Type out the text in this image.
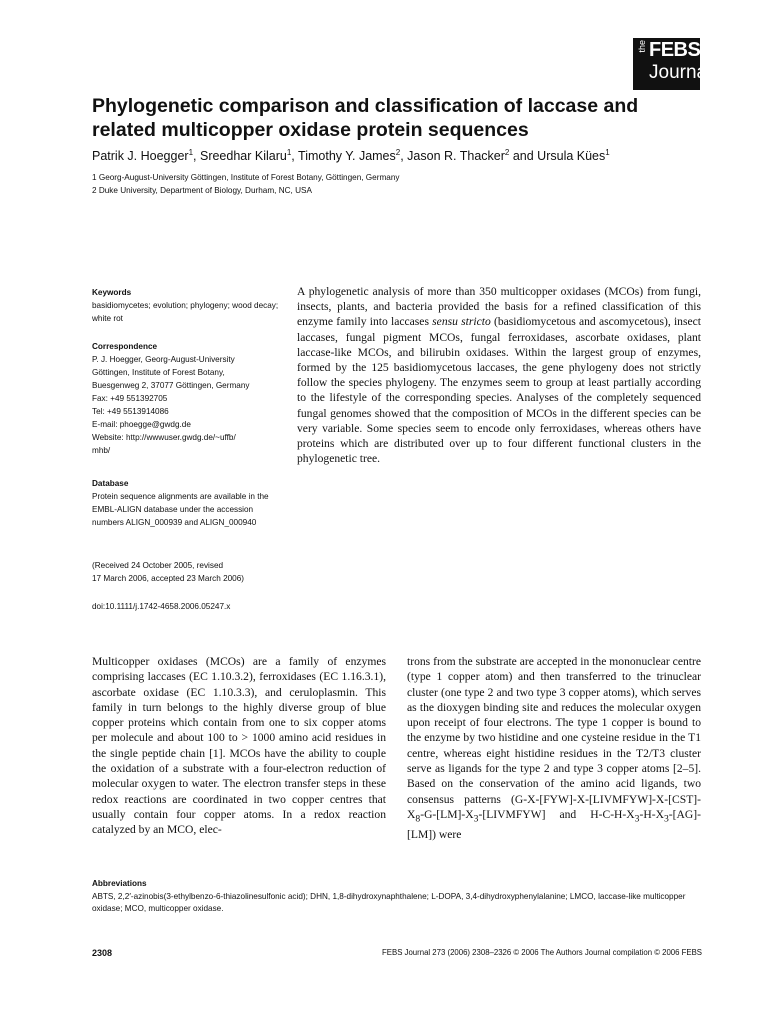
the FEBS
Journal
Phylogenetic comparison and classification of laccase and related multicopper oxidase protein sequences

Patrik J. Hoegger$^1$, Sreedhar Kilaru$^1$, Timothy Y. James$^2$, Jason R. Thacker$^2$ and Ursula Kües$^1$

1 Georg-August-University Göttingen, Institute of Forest Botany, Göttingen, Germany

2 Duke University, Department of Biology, Durham, NC, USA

Keywords

basidiomycetes; evolution; phylogeny; wood decay; white rot

Correspondence

P. J. Hoegger, Georg-August-University

Göttingen, Institute of Forest Botany,

Buesgenweg 2, 37077 Göttingen, Germany

Fax: +49 551392705

Tel: +49 5513914086

E-mail: phoegge@gwdg.de

Website: http://wwwuser.gwdg.de/~uffb/

mhb/

Database

Protein sequence alignments are available in the EMBL-ALIGN database under the accession numbers ALIGN_000939 and ALIGN_000940

(Received 24 October 2005, revised

17 March 2006, accepted 23 March 2006)

doi:10.1111/j.1742-4658.2006.05247.x

A phylogenetic analysis of more than 350 multicopper oxidases (MCOs) from fungi, insects, plants, and bacteria provided the basis for a refined classification of this enzyme family into laccases sensu stricto (basidiomycetous and ascomycetous), insect laccases, fungal pigment MCOs, fungal ferroxidases, ascorbate oxidases, plant laccase-like MCOs, and bilirubin oxidases. Within the largest group of enzymes, formed by the 125 basidiomycetous laccases, the gene phylogeny does not strictly follow the species phylogeny. The enzymes seem to group at least partially according to the lifestyle of the corresponding species. Analyses of the completely sequenced fungal genomes showed that the composition of MCOs in the different species can be very variable. Some species seem to encode only ferroxidases, whereas others have proteins which are distributed over up to four different functional clusters in the phylogenetic tree.

Multicopper oxidases (MCOs) are a family of enzymes comprising laccases (EC 1.10.3.2), ferroxidases (EC 1.16.3.1), ascorbate oxidase (EC 1.10.3.3), and ceruloplasmin. This family in turn belongs to the highly diverse group of blue copper proteins which contain from one to six copper atoms per molecule and about 100 to > 1000 amino acid residues in the single peptide chain [1]. MCOs have the ability to couple the oxidation of a substrate with a four-electron reduction of molecular oxygen to water. The electron transfer steps in these redox reactions are coordinated in two copper centres that usually contain four copper atoms. In a redox reaction catalyzed by an MCO, elec-

trons from the substrate are accepted in the mononuclear centre (type 1 copper atom) and then transferred to the trinuclear cluster (one type 2 and two type 3 copper atoms), which serves as the dioxygen binding site and reduces the molecular oxygen upon receipt of four electrons. The type 1 copper is bound to the enzyme by two histidine and one cysteine residue in the T1 centre, whereas eight histidine residues in the T2/T3 cluster serve as ligands for the type 2 and type 3 copper atoms [2–5]. Based on the conservation of the amino acid ligands, two consensus patterns ($G-X-[FYW]-X-[LIVMFYW]-X-[CST]-X_8-G-[LM]-X_3-[LIVMFYW]$ and $H-C-H-X_3-H-X_3-[AG]-[LM]$) were

Abbreviations

ABTS, 2,2′-azinobis(3-ethylbenzo-6-thiazolinesulfonic acid); DHN, 1,8-dihydroxynaphthalene; L-DOPA, 3,4-dihydroxyphenylalanine; LMCO, laccase-like multicopper oxidase; MCO, multicopper oxidase.

2308	FEBS Journal 273 (2006) 2308–2326 © 2006 The Authors Journal compilation © 2006 FEBS
